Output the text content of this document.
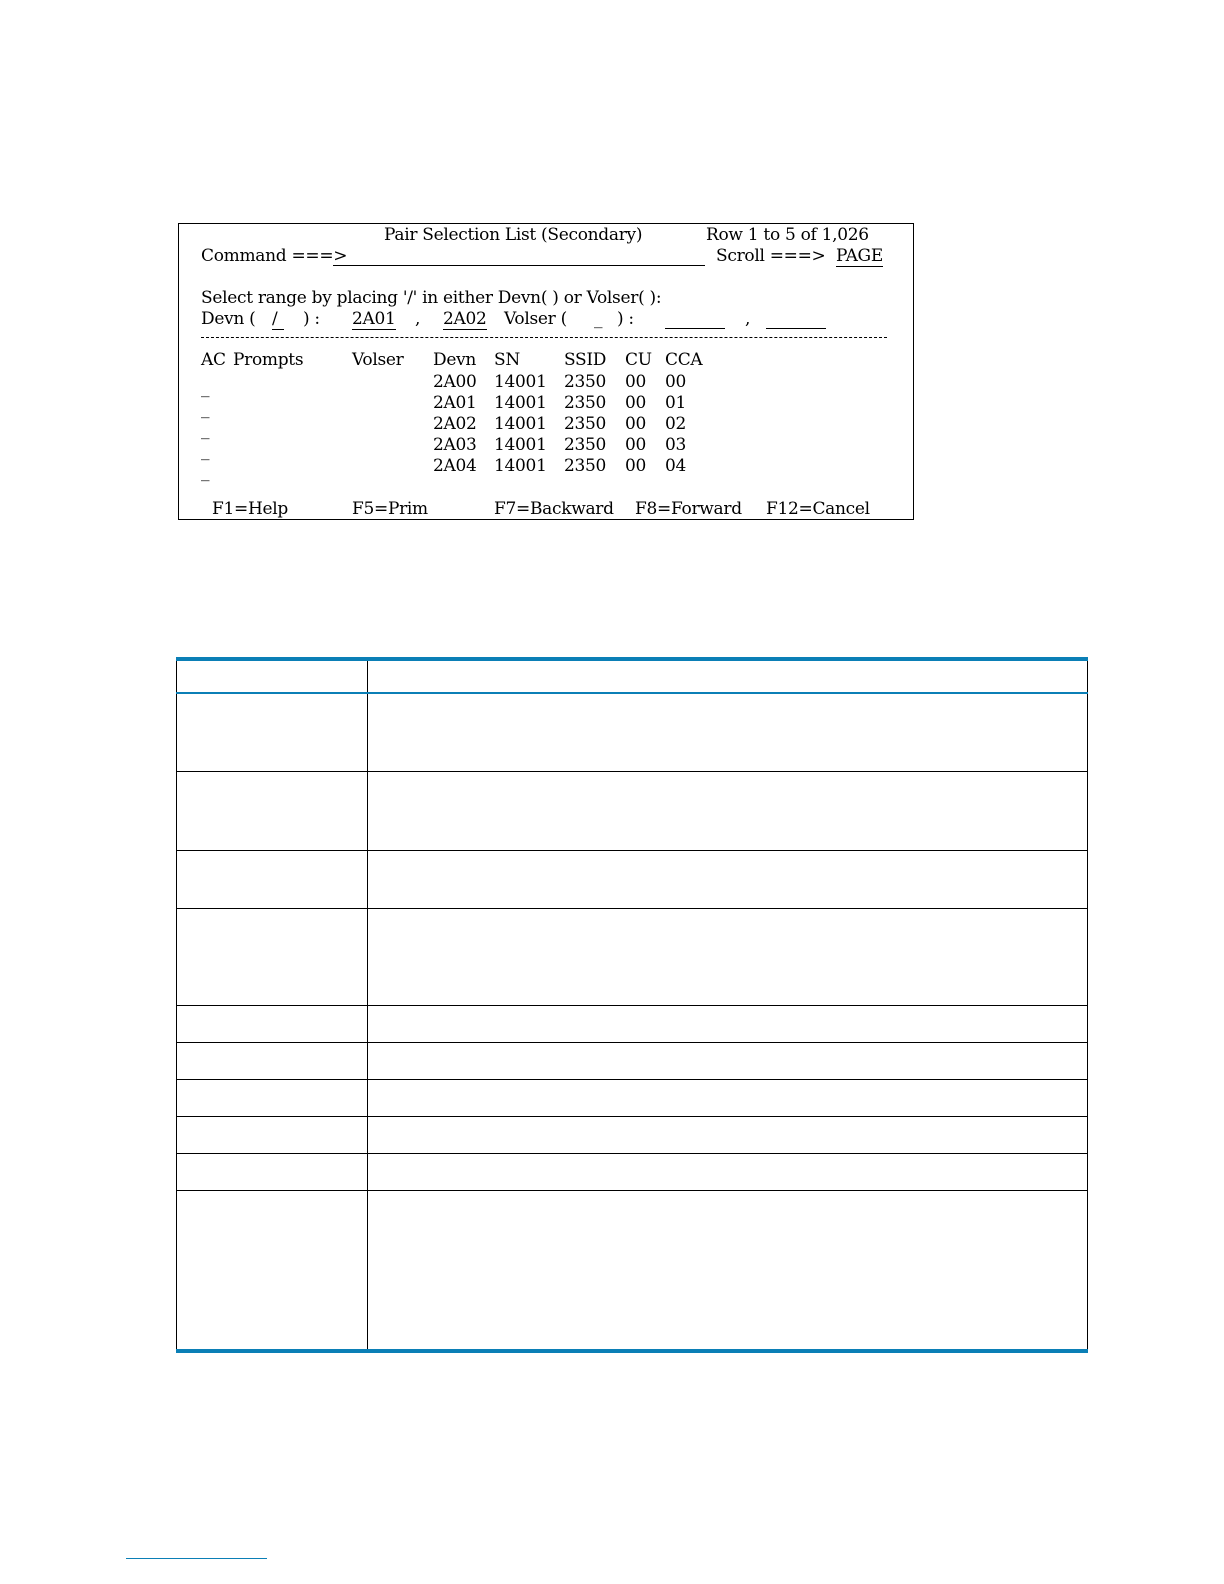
Pair Selection List (Secondary)	Row 1 to 5 of 1,026
Command ===>	Scroll ===> PAGE
Select range by placing '/' in either Devn( ) or Volser( ):
Devn ( /	) : 2A01 , 2A02 Volser ( _ ) :	,
AC Prompts	Volser Devn SN	SSID CU CCA
_	2A00 14001 2350 00 00
_	2A01 14001 2350 00 01
_	2A02 14001 2350 00 02
_	2A03 14001 2350 00 03
_	2A04 14001 2350 00 04
F1=Help	F5=Prim	F7=Backward F8=Forward F12=Cancel
